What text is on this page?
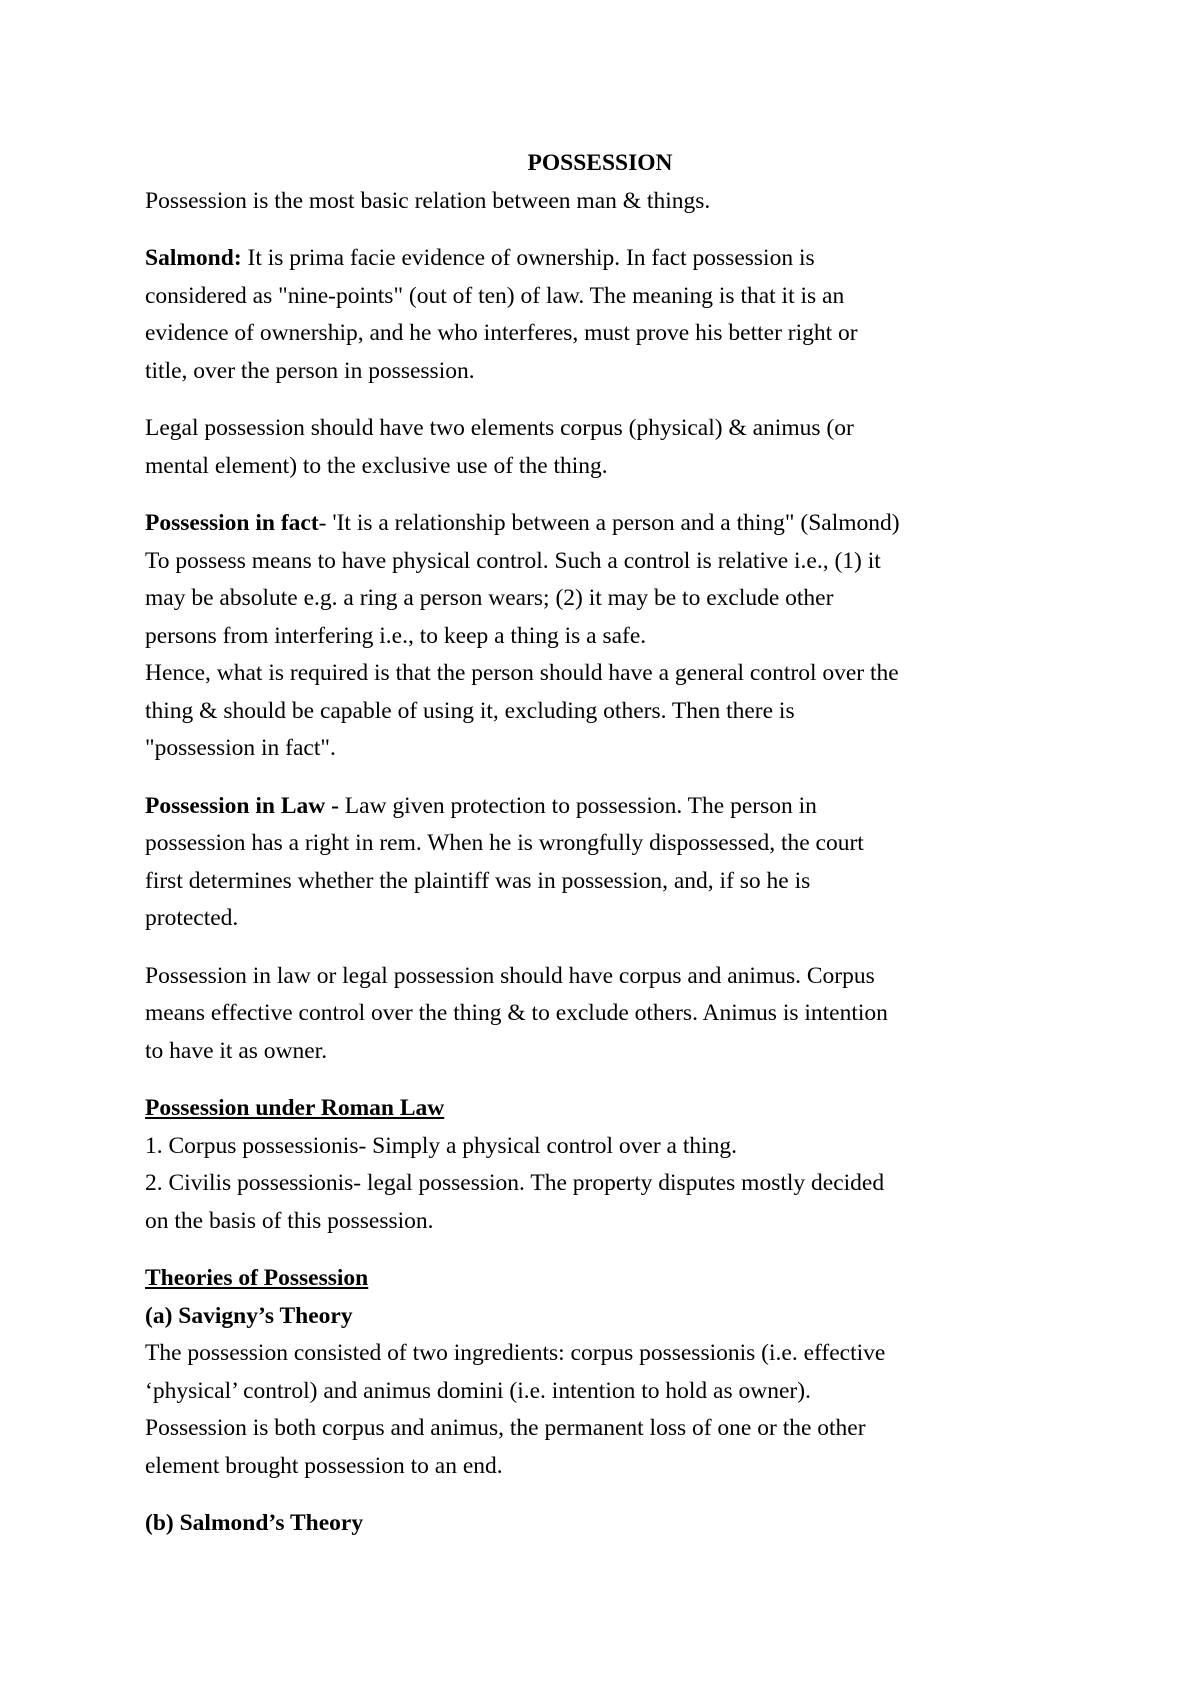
POSSESSION

Possession is the most basic relation between man & things.

Salmond: It is prima facie evidence of ownership. In fact possession is
considered as "nine-points" (out of ten) of law. The meaning is that it is an
evidence of ownership, and he who interferes, must prove his better right or
title, over the person in possession.

Legal possession should have two elements corpus (physical) & animus (or
mental element) to the exclusive use of the thing.

Possession in fact- 'It is a relationship between a person and a thing" (Salmond)
To possess means to have physical control. Such a control is relative i.e., (1) it
may be absolute e.g. a ring a person wears; (2) it may be to exclude other
persons from interfering i.e., to keep a thing is a safe.
Hence, what is required is that the person should have a general control over the
thing & should be capable of using it, excluding others. Then there is
"possession in fact".

Possession in Law - Law given protection to possession. The person in
possession has a right in rem. When he is wrongfully dispossessed, the court
first determines whether the plaintiff was in possession, and, if so he is
protected.

Possession in law or legal possession should have corpus and animus. Corpus
means effective control over the thing & to exclude others. Animus is intention
to have it as owner.

Possession under Roman Law
1. Corpus possessionis- Simply a physical control over a thing.
2. Civilis possessionis- legal possession. The property disputes mostly decided
on the basis of this possession.

Theories of Possession
(a) Savigny’s Theory
The possession consisted of two ingredients: corpus possessionis (i.e. effective
‘physical’ control) and animus domini (i.e. intention to hold as owner).
Possession is both corpus and animus, the permanent loss of one or the other
element brought possession to an end.

(b) Salmond’s Theory
